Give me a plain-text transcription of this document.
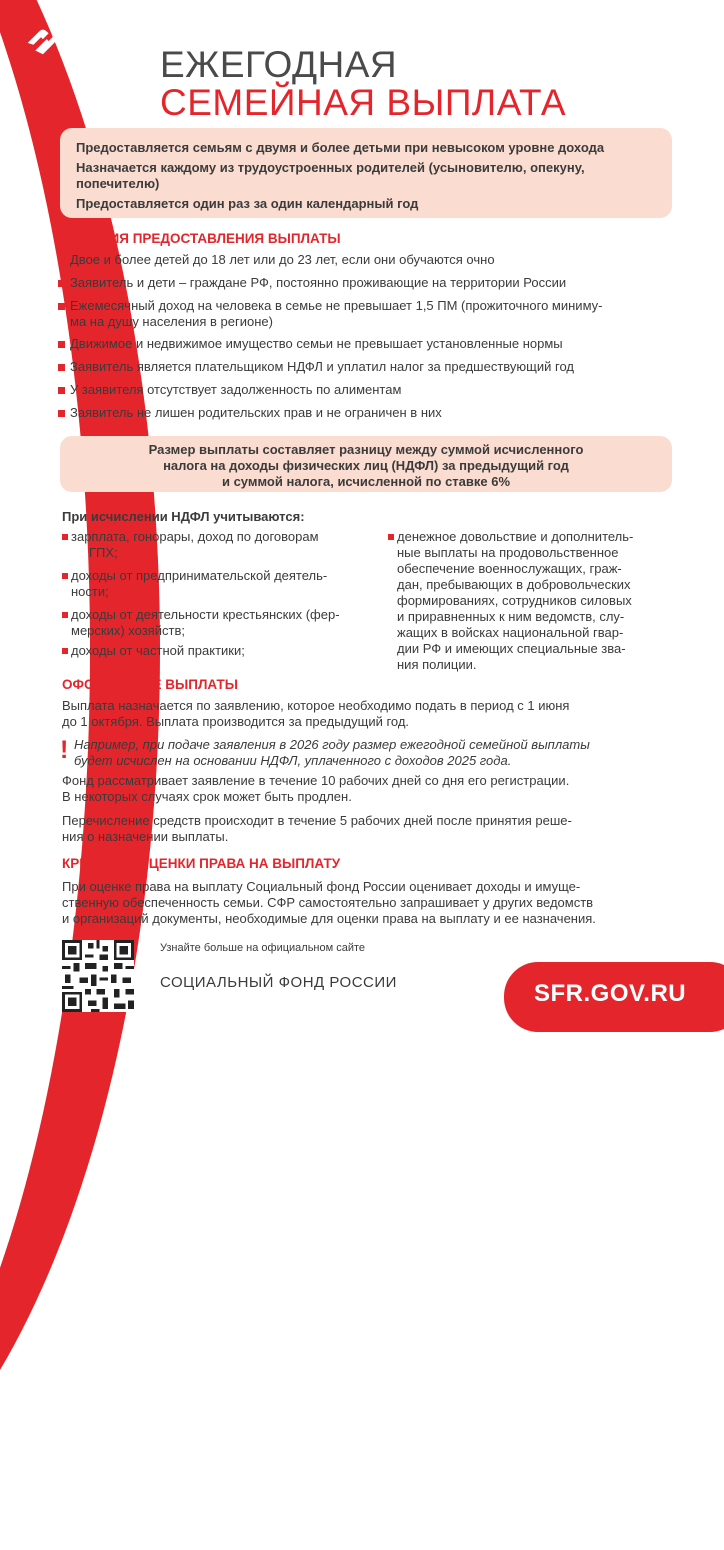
ЕЖЕГОДНАЯ
СЕМЕЙНАЯ ВЫПЛАТА
Предоставляется семьям с двумя и более детьми при невысоком уровне дохода
Назначается каждому из трудоустроенных родителей (усыновителю, опекуну,
попечителю)
Предоставляется один раз за один календарный год
УСЛОВИЯ ПРЕДОСТАВЛЕНИЯ ВЫПЛАТЫ
Двое и более детей до 18 лет или до 23 лет, если они обучаются очно
Заявитель и дети – граждане РФ, постоянно проживающие на территории России
Ежемесячный доход на человека в семье не превышает 1,5 ПМ (прожиточного миниму-
ма на душу населения в регионе)
Движимое и недвижимое имущество семьи не превышает установленные нормы
Заявитель является плательщиком НДФЛ и уплатил налог за предшествующий год
У заявителя отсутствует задолженность по алиментам
Заявитель не лишен родительских прав и не ограничен в них
Размер выплаты составляет разницу между суммой исчисленного
налога на доходы физических лиц (НДФЛ) за предыдущий год
и суммой налога, исчисленной по ставке 6%
При исчислении НДФЛ учитываются:
зарплата, гонорары, доход по договорам
ГПХ;
доходы от предпринимательской деятель-
ности;
доходы от деятельности крестьянских (фер-
мерских) хозяйств;
доходы от частной практики;
денежное довольствие и дополнитель-
ные выплаты на продовольственное
обеспечение военнослужащих, граж-
дан, пребывающих в добровольческих
формированиях, сотрудников силовых
и приравненных к ним ведомств, слу-
жащих в войсках национальной гвар-
дии РФ и имеющих специальные зва-
ния полиции.
ОФОРМЛЕНИЕ ВЫПЛАТЫ
Выплата назначается по заявлению, которое необходимо подать в период с 1 июня
до 1 октября. Выплата производится за предыдущий год.
! Например, при подаче заявления в 2026 году размер ежегодной семейной выплаты
будет исчислен на основании НДФЛ, уплаченного с доходов 2025 года.
Фонд рассматривает заявление в течение 10 рабочих дней со дня его регистрации.
В некоторых случаях срок может быть продлен.
Перечисление средств происходит в течение 5 рабочих дней после принятия реше-
ния о назначении выплаты.
КРИТЕРИИ ОЦЕНКИ ПРАВА НА ВЫПЛАТУ
При оценке права на выплату Социальный фонд России оценивает доходы и имуще-
ственную обеспеченность семьи. СФР самостоятельно запрашивает у других ведомств
и организаций документы, необходимые для оценки права на выплату и ее назначения.
Узнайте больше на официальном сайте
СОЦИАЛЬНЫЙ ФОНД РОССИИ	SFR.GOV.RU
